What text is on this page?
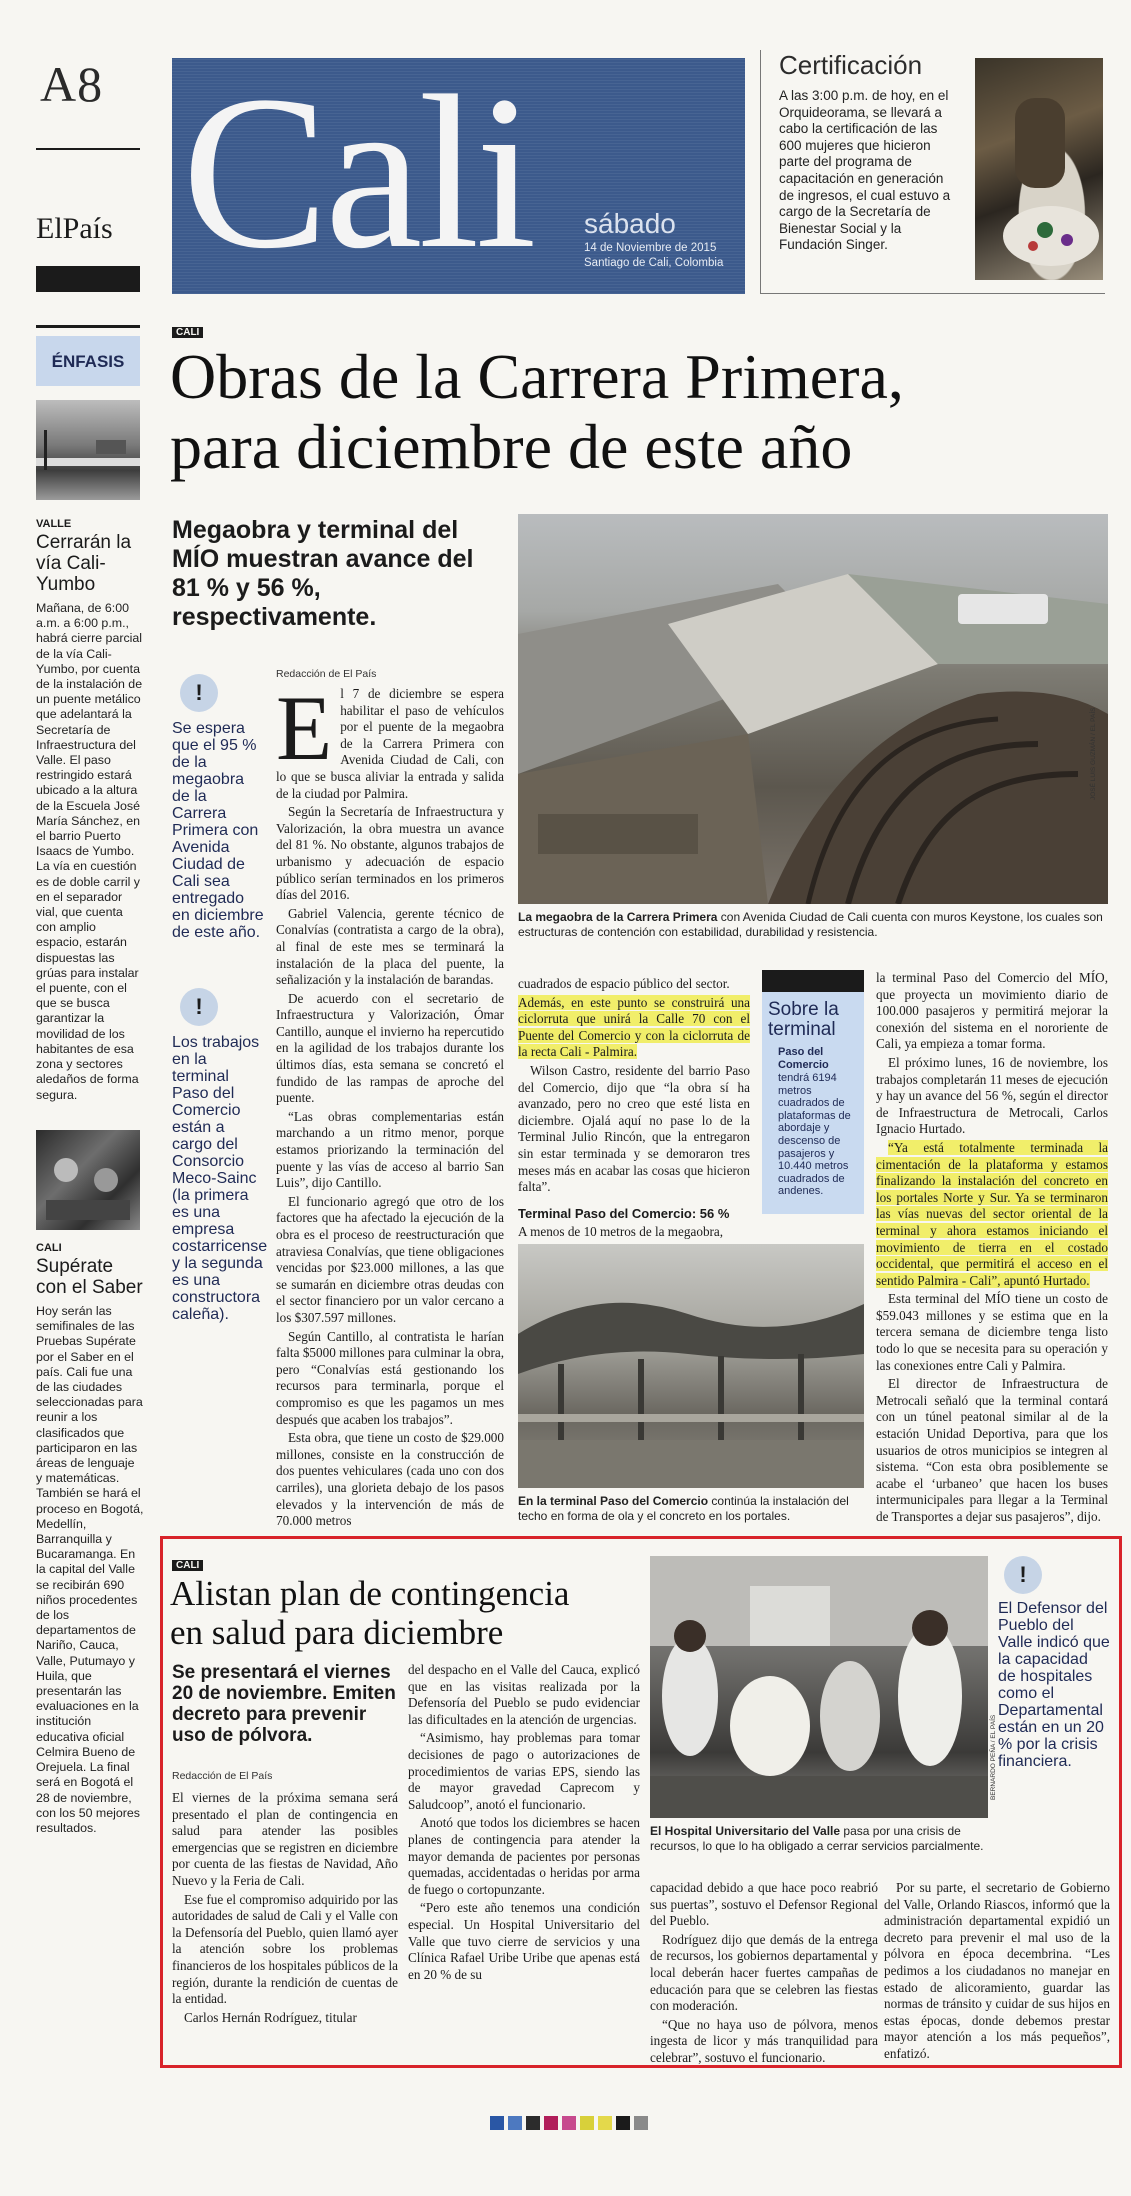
A8
ElPaís Cali sábado
14 de Noviembre de 2015
Santiago de Cali, Colombia
Certificación
A las 3:00 p.m. de hoy, en el Orquideorama, se llevará a cabo la certificación de las 600 mujeres que hicieron parte del programa de capacitación en generación de ingresos, el cual estuvo a cargo de la Secretaría de Bienestar Social y la Fundación Singer.
ÉNFASIS
VALLE
Cerrarán la vía Cali-Yumbo
Mañana, de 6:00 a.m. a 6:00 p.m., habrá cierre parcial de la vía Cali-Yumbo, por cuenta de la instalación de un puente metálico que adelantará la Secretaría de Infraestructura del Valle. El paso restringido estará ubicado a la altura de la Escuela José María Sánchez, en el barrio Puerto Isaacs de Yumbo. La vía en cuestión es de doble carril y en el separador vial, que cuenta con amplio espacio, estarán dispuestas las grúas para instalar el puente, con el que se busca garantizar la movilidad de los habitantes de esa zona y sectores aledaños de forma segura.
CALI
Supérate con el Saber
Hoy serán las semifinales de las Pruebas Supérate por el Saber en el país. Cali fue una de las ciudades seleccionadas para reunir a los clasificados que participaron en las áreas de lenguaje y matemáticas. También se hará el proceso en Bogotá, Medellín, Barranquilla y Bucaramanga. En la capital del Valle se recibirán 690 niños procedentes de los departamentos de Nariño, Cauca, Valle, Putumayo y Huila, que presentarán las evaluaciones en la institución educativa oficial Celmira Bueno de Orejuela. La final será en Bogotá el 28 de noviembre, con los 50 mejores resultados.
CALI
Obras de la Carrera Primera,
para diciembre de este año
Megaobra y terminal del MÍO muestran avance del 81 % y 56 %, respectivamente.
JOSÉ LUIS GUZMÁN / EL PAÍS
La megaobra de la Carrera Primera con Avenida Ciudad de Cali cuenta con muros Keystone, los cuales son estructuras de contención con estabilidad, durabilidad y resistencia.
!
Se espera que el 95 % de la megaobra de la Carrera Primera con Avenida Ciudad de Cali sea entregado en diciembre de este año.
!
Los trabajos en la terminal Paso del Comercio están a cargo del Consorcio Meco-Sainc (la primera es una empresa costarricense y la segunda es una constructora caleña).
Redacción de El País
E l 7 de diciembre se espera habilitar el paso de vehículos por el puente de la megaobra de la Carrera Primera con Avenida Ciudad de Cali, con lo que se busca aliviar la entrada y salida de la ciudad por Palmira.

Según la Secretaría de Infraestructura y Valorización, la obra muestra un avance del 81 %. No obstante, algunos trabajos de urbanismo y adecuación de espacio público serían terminados en los primeros días del 2016.

Gabriel Valencia, gerente técnico de Conalvías (contratista a cargo de la obra), al final de este mes se terminará la instalación de la placa del puente, la señalización y la instalación de barandas.

De acuerdo con el secretario de Infraestructura y Valorización, Ómar Cantillo, aunque el invierno ha repercutido en la agilidad de los trabajos durante los últimos días, esta semana se concretó el fundido de las rampas de aproche del puente.

“Las obras complementarias están marchando a un ritmo menor, porque estamos priorizando la terminación del puente y las vías de acceso al barrio San Luis”, dijo Cantillo.

El funcionario agregó que otro de los factores que ha afectado la ejecución de la obra es el proceso de reestructuración que atraviesa Conalvías, que tiene obligaciones vencidas por $23.000 millones, a las que se sumarán en diciembre otras deudas con el sector financiero por un valor cercano a los $307.597 millones.

Según Cantillo, al contratista le harían falta $5000 millones para culminar la obra, pero “Conalvías está gestionando los recursos para terminarla, porque el compromiso es que les pagamos un mes después que acaben los trabajos”.

Esta obra, que tiene un costo de $29.000 millones, consiste en la construcción de dos puentes vehiculares (cada uno con dos carriles), una glorieta debajo de los pasos elevados y la intervención de más de 70.000 metros

cuadrados de espacio público del sector.

Además, en este punto se construirá una ciclorruta que unirá la Calle 70 con el Puente del Comercio y con la ciclorruta de la recta Cali - Palmira.

Wilson Castro, residente del barrio Paso del Comercio, dijo que “la obra sí ha avanzado, pero no creo que esté lista en diciembre. Ojalá aquí no pase lo de la Terminal Julio Rincón, que la entregaron sin estar terminada y se demoraron tres meses más en acabar las cosas que hicieron falta”.

Terminal Paso del Comercio: 56 %

A menos de 10 metros de la megaobra,

Sobre la terminal
Paso del Comercio
tendrá 6194 metros cuadrados de plataformas de abordaje y descenso de pasajeros y 10.440 metros cuadrados de andenes.
En la terminal Paso del Comercio continúa la instalación del techo en forma de ola y el concreto en los portales.

la terminal Paso del Comercio del MÍO, que proyecta un movimiento diario de 100.000 pasajeros y permitirá mejorar la conexión del sistema en el nororiente de Cali, ya empieza a tomar forma.

El próximo lunes, 16 de noviembre, los trabajos completarán 11 meses de ejecución y hay un avance del 56 %, según el director de Infraestructura de Metrocali, Carlos Ignacio Hurtado.

“Ya está totalmente terminada la cimentación de la plataforma y estamos finalizando la instalación del concreto en los portales Norte y Sur. Ya se terminaron las vías nuevas del sector oriental de la terminal y ahora estamos iniciando el movimiento de tierra en el costado occidental, que permitirá el acceso en el sentido Palmira - Cali”, apuntó Hurtado.

Esta terminal del MÍO tiene un costo de $59.043 millones y se estima que en la tercera semana de diciembre tenga listo todo lo que se necesita para su operación y las conexiones entre Cali y Palmira.

El director de Infraestructura de Metrocali señaló que la terminal contará con un túnel peatonal similar al de la estación Unidad Deportiva, para que los usuarios de otros municipios se integren al sistema. “Con esta obra posiblemente se acabe el ‘urbaneo’ que hacen los buses intermunicipales para llegar a la Terminal de Transportes a dejar sus pasajeros”, dijo.

CALI
Alistan plan de contingencia
en salud para diciembre
Se presentará el viernes 20 de noviembre. Emiten decreto para prevenir uso de pólvora.
Redacción de El País

El viernes de la próxima semana será presentado el plan de contingencia en salud para atender las posibles emergencias que se registren en diciembre por cuenta de las fiestas de Navidad, Año Nuevo y la Feria de Cali.

Ese fue el compromiso adquirido por las autoridades de salud de Cali y el Valle con la Defensoría del Pueblo, quien llamó ayer la atención sobre los problemas financieros de los hospitales públicos de la región, durante la rendición de cuentas de la entidad.

Carlos Hernán Rodríguez, titular

del despacho en el Valle del Cauca, explicó que en las visitas realizada por la Defensoría del Pueblo se pudo evidenciar las dificultades en la atención de urgencias.

“Asimismo, hay problemas para tomar decisiones de pago o autorizaciones de procedimientos de varias EPS, siendo las de mayor gravedad Caprecom y Saludcoop”, anotó el funcionario.

Anotó que todos los diciembres se hacen planes de contingencia para atender la mayor demanda de pacientes por personas quemadas, accidentadas o heridas por arma de fuego o cortopunzante.

“Pero este año tenemos una condición especial. Un Hospital Universitario del Valle que tuvo cierre de servicios y una Clínica Rafael Uribe Uribe que apenas está en 20 % de su

BERNARDO PEÑA / EL PAÍS
El Hospital Universitario del Valle pasa por una crisis de recursos, lo que lo ha obligado a cerrar servicios parcialmente.
!
El Defensor del Pueblo del Valle indicó que la capacidad de hospitales como el Departamental están en un 20 % por la crisis financiera.

capacidad debido a que hace poco reabrió sus puertas”, sostuvo el Defensor Regional del Pueblo.

Rodríguez dijo que demás de la entrega de recursos, los gobiernos departamental y local deberán hacer fuertes campañas de educación para que se celebren las fiestas con moderación.

“Que no haya uso de pólvora, menos ingesta de licor y más tranquilidad para celebrar”, sostuvo el funcionario.

Por su parte, el secretario de Gobierno del Valle, Orlando Riascos, informó que la administración departamental expidió un decreto para prevenir el mal uso de la pólvora en época decembrina. “Les pedimos a los ciudadanos no manejar en estado de alicoramiento, guardar las normas de tránsito y cuidar de sus hijos en estas épocas, donde debemos prestar mayor atención a los más pequeños”, enfatizó.
